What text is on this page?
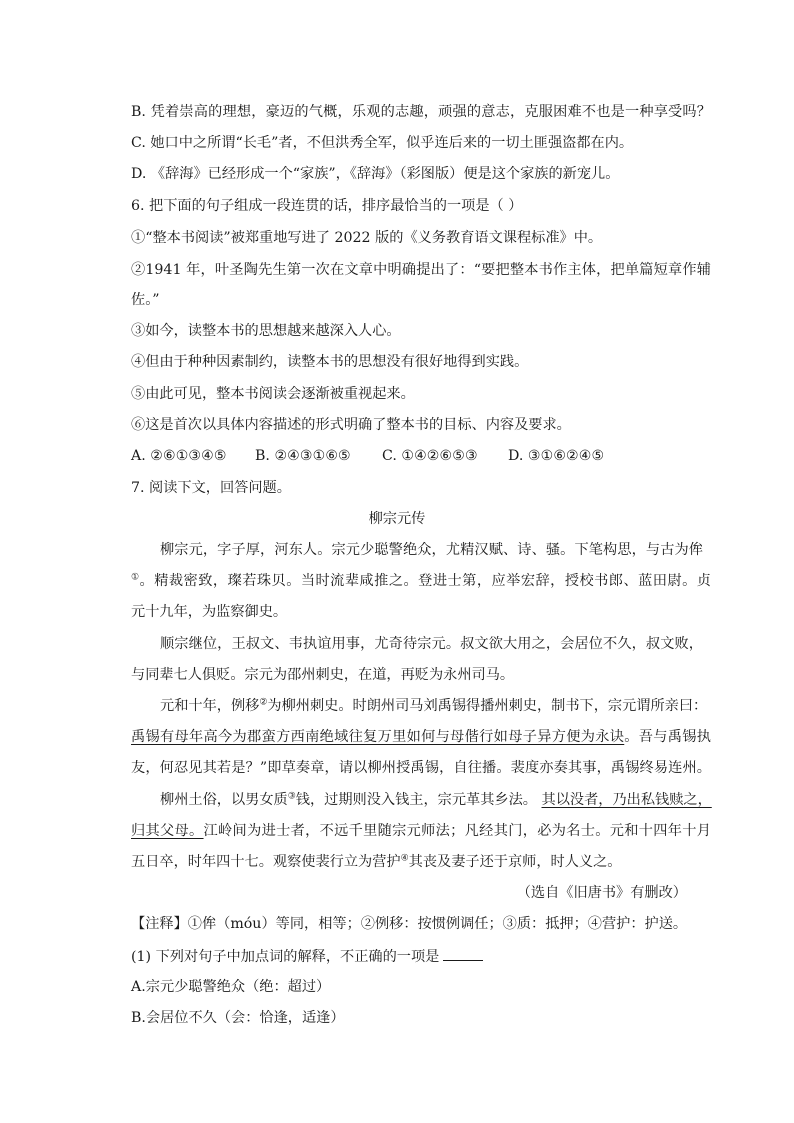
B. 凭着崇高的理想，豪迈的气概，乐观的志趣，顽强的意志，克服困难不也是一种享受吗？
C. 她口中之所谓“长毛”者，不但洪秀全军，似乎连后来的一切土匪强盗都在内。
D. 《辞海》已经形成一个“家族”，《辞海》（彩图版）便是这个家族的新宠儿。
6. 把下面的句子组成一段连贯的话，排序最恰当的一项是（ ）
①“整本书阅读”被郑重地写进了 2022 版的《义务教育语文课程标准》中。
②1941 年，叶圣陶先生第一次在文章中明确提出了：“要把整本书作主体，把单篇短章作辅
佐。”
③如今，读整本书的思想越来越深入人心。
④但由于种种因素制约，读整本书的思想没有很好地得到实践。
⑤由此可见，整本书阅读会逐渐被重视起来。
⑥这是首次以具体内容描述的形式明确了整本书的目标、内容及要求。
A. ②⑥①③④⑤ B. ②④③①⑥⑤ C. ①④②⑥⑤③ D. ③①⑥②④⑤
7. 阅读下文，回答问题。
柳宗元传
柳宗元，字子厚，河东人。宗元少聪警绝众，尤精汉赋、诗、骚。下笔构思，与古为侔
①。精裁密致，璨若珠贝。当时流辈咸推之。登进士第，应举宏辞，授校书郎、蓝田尉。贞
元十九年，为监察御史。
顺宗继位，王叔文、韦执谊用事，尤奇待宗元。叔文欲大用之，会居位不久，叔文败，
与同辈七人俱贬。宗元为邵州刺史，在道，再贬为永州司马。
元和十年，例移②为柳州刺史。时朗州司马刘禹锡得播州刺史，制书下，宗元谓所亲曰：
禹锡有母年高今为郡蛮方西南绝域往复万里如何与母偕行如母子异方便为永诀。吾与禹锡执
友，何忍见其若是？”即草奏章，请以柳州授禹锡，自往播。裴度亦奏其事，禹锡终易连州。
柳州土俗，以男女质③钱，过期则没入钱主，宗元革其乡法。 其以没者，乃出私钱赎之，
归其父母。江岭间为进士者，不远千里随宗元师法；凡经其门，必为名士。元和十四年十月
五日卒，时年四十七。观察使裴行立为营护④其丧及妻子还于京师，时人义之。
（选自《旧唐书》有删改）
【注释】①侔（móu）等同，相等；②例移：按惯例调任；③质：抵押；④营护：护送。
(1) 下列对句子中加点词的解释，不正确的一项是
A.宗元少聪警绝众（绝：超过）
B.会居位不久（会：恰逢，适逢）
